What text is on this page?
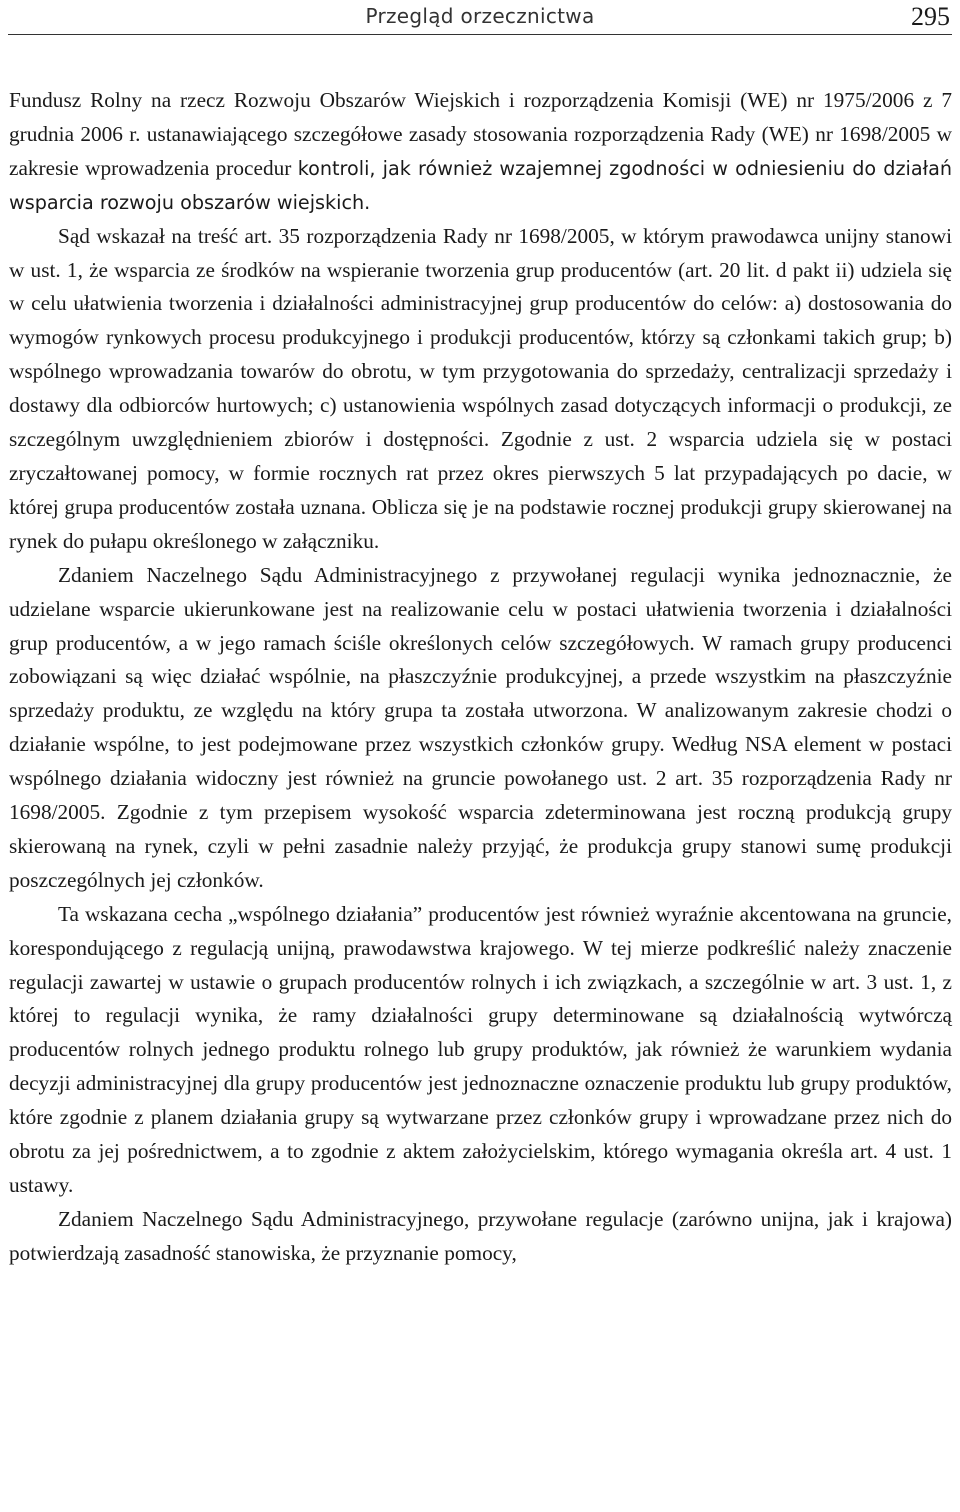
Przegląd orzecznictwa	295

Fundusz Rolny na rzecz Rozwoju Obszarów Wiejskich i rozporządzenia Komisji (WE) nr 1975/2006 z 7 grudnia 2006 r. ustanawiającego szczegółowe zasady stosowania rozporządzenia Rady (WE) nr 1698/2005 w zakresie wprowadzenia procedur kontroli, jak również wzajemnej zgodności w odniesieniu do działań wsparcia rozwoju obszarów wiejskich.

Sąd wskazał na treść art. 35 rozporządzenia Rady nr 1698/2005, w którym prawodawca unijny stanowi w ust. 1, że wsparcia ze środków na wspieranie tworzenia grup producentów (art. 20 lit. d pakt ii) udziela się w celu ułatwienia tworzenia i działalności administracyjnej grup producentów do celów: a) dostosowania do wymogów rynkowych procesu produkcyjnego i produkcji producentów, którzy są członkami takich grup; b) wspólnego wprowadzania towarów do obrotu, w tym przygotowania do sprzedaży, centralizacji sprzedaży i dostawy dla odbiorców hurtowych; c) ustanowienia wspólnych zasad dotyczących informacji o produkcji, ze szczególnym uwzględnieniem zbiorów i dostępności. Zgodnie z ust. 2 wsparcia udziela się w postaci zryczałtowanej pomocy, w formie rocznych rat przez okres pierwszych 5 lat przypadających po dacie, w której grupa producentów została uznana. Oblicza się je na podstawie rocznej produkcji grupy skierowanej na rynek do pułapu określonego w załączniku.

Zdaniem Naczelnego Sądu Administracyjnego z przywołanej regulacji wynika jednoznacznie, że udzielane wsparcie ukierunkowane jest na realizowanie celu w postaci ułatwienia tworzenia i działalności grup producentów, a w jego ramach ściśle określonych celów szczegółowych. W ramach grupy producenci zobowiązani są więc działać wspólnie, na płaszczyźnie produkcyjnej, a przede wszystkim na płaszczyźnie sprzedaży produktu, ze względu na który grupa ta została utworzona. W analizowanym zakresie chodzi o działanie wspólne, to jest podejmowane przez wszystkich członków grupy. Według NSA element w postaci wspólnego działania widoczny jest również na gruncie powołanego ust. 2 art. 35 rozporządzenia Rady nr 1698/2005. Zgodnie z tym przepisem wysokość wsparcia zdeterminowana jest roczną produkcją grupy skierowaną na rynek, czyli w pełni zasadnie należy przyjąć, że produkcja grupy stanowi sumę produkcji poszczególnych jej członków.

Ta wskazana cecha „wspólnego działania” producentów jest również wyraźnie akcentowana na gruncie, korespondującego z regulacją unijną, prawodawstwa krajowego. W tej mierze podkreślić należy znaczenie regulacji zawartej w ustawie o grupach producentów rolnych i ich związkach, a szczególnie w art. 3 ust. 1, z której to regulacji wynika, że ramy działalności grupy determinowane są działalnością wytwórczą producentów rolnych jednego produktu rolnego lub grupy produktów, jak również że warunkiem wydania decyzji administracyjnej dla grupy producentów jest jednoznaczne oznaczenie produktu lub grupy produktów, które zgodnie z planem działania grupy są wytwarzane przez członków grupy i wprowadzane przez nich do obrotu za jej pośrednictwem, a to zgodnie z aktem założycielskim, którego wymagania określa art. 4 ust. 1 ustawy.

Zdaniem Naczelnego Sądu Administracyjnego, przywołane regulacje (zarówno unijna, jak i krajowa) potwierdzają zasadność stanowiska, że przyznanie pomocy,
